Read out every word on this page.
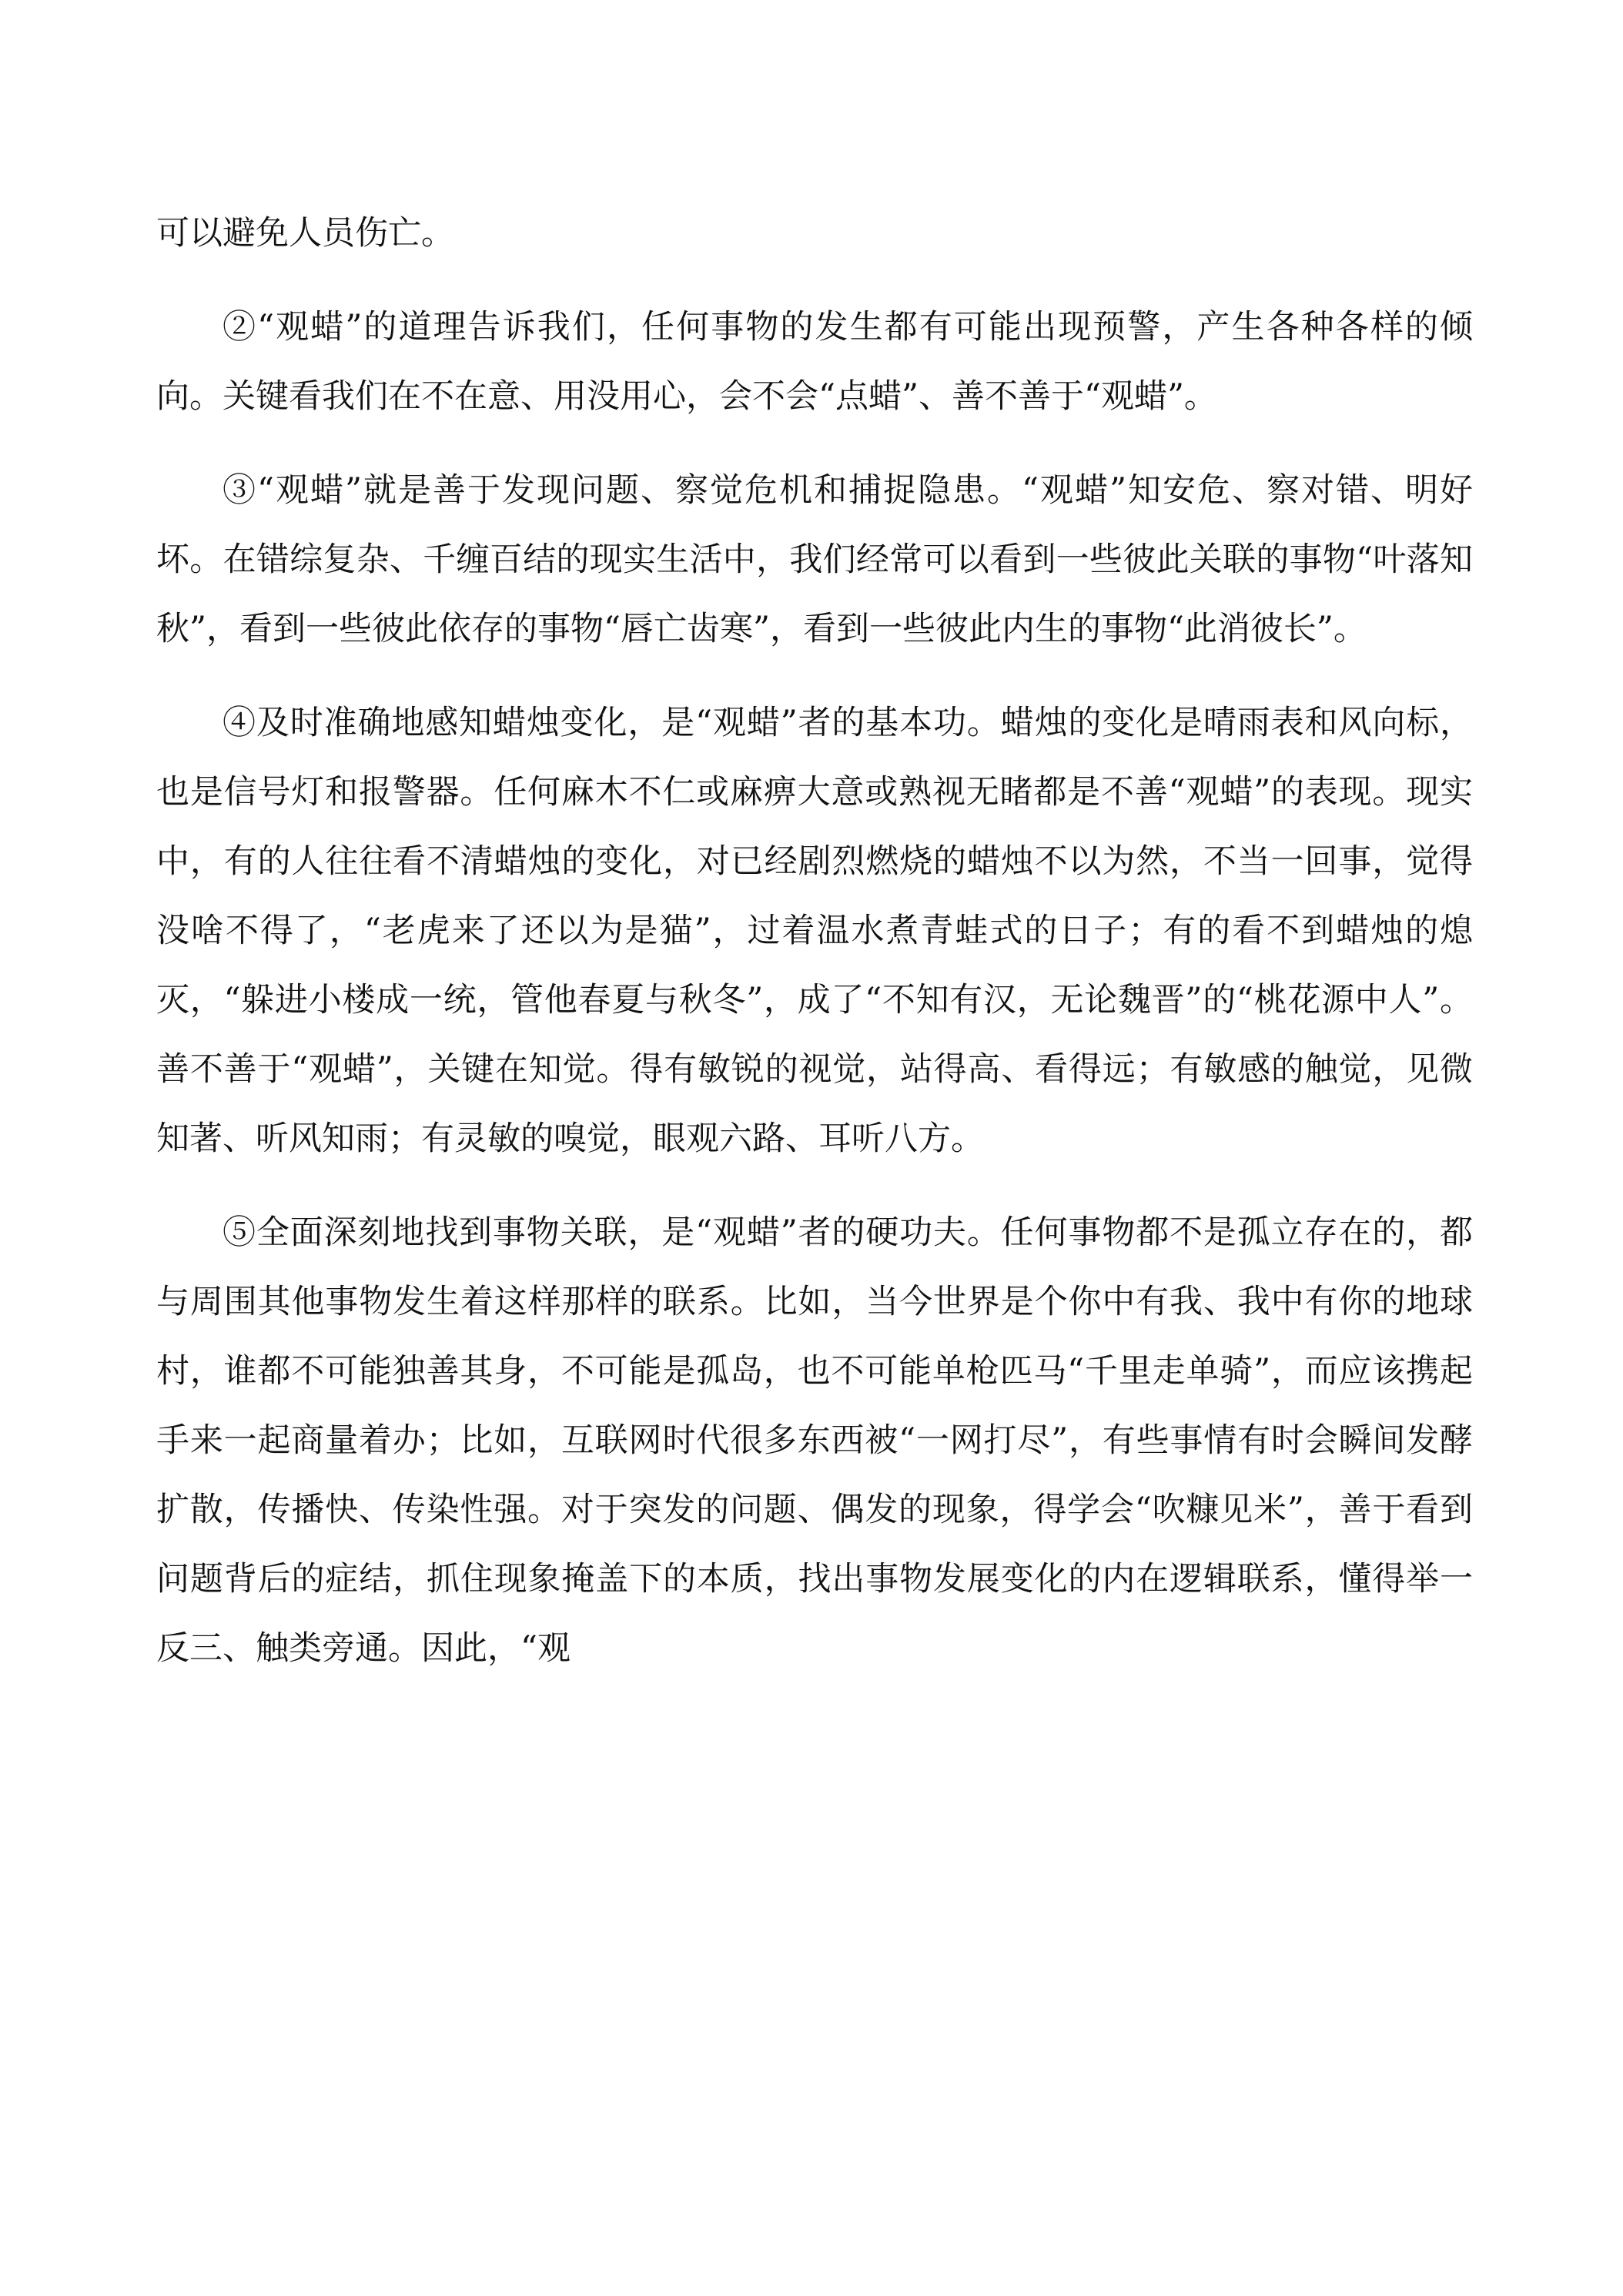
可以避免人员伤亡。

②“观蜡”的道理告诉我们，任何事物的发生都有可能出现预警，产生各种各样的倾向。关键看我们在不在意、用没用心，会不会“点蜡”、善不善于“观蜡”。

③“观蜡”就是善于发现问题、察觉危机和捕捉隐患。“观蜡”知安危、察对错、明好坏。在错综复杂、千缠百结的现实生活中，我们经常可以看到一些彼此关联的事物“叶落知秋”，看到一些彼此依存的事物“唇亡齿寒”，看到一些彼此内生的事物“此消彼长”。

④及时准确地感知蜡烛变化，是“观蜡”者的基本功。蜡烛的变化是晴雨表和风向标，也是信号灯和报警器。任何麻木不仁或麻痹大意或熟视无睹都是不善“观蜡”的表现。现实中，有的人往往看不清蜡烛的变化，对已经剧烈燃烧的蜡烛不以为然，不当一回事，觉得没啥不得了，“老虎来了还以为是猫”，过着温水煮青蛙式的日子；有的看不到蜡烛的熄灭，“躲进小楼成一统，管他春夏与秋冬”，成了“不知有汉，无论魏晋”的“桃花源中人”。善不善于“观蜡”，关键在知觉。得有敏锐的视觉，站得高、看得远；有敏感的触觉，见微知著、听风知雨；有灵敏的嗅觉，眼观六路、耳听八方。

⑤全面深刻地找到事物关联，是“观蜡”者的硬功夫。任何事物都不是孤立存在的，都与周围其他事物发生着这样那样的联系。比如，当今世界是个你中有我、我中有你的地球村，谁都不可能独善其身，不可能是孤岛，也不可能单枪匹马“千里走单骑”，而应该携起手来一起商量着办；比如，互联网时代很多东西被“一网打尽”，有些事情有时会瞬间发酵扩散，传播快、传染性强。对于突发的问题、偶发的现象，得学会“吹糠见米”，善于看到问题背后的症结，抓住现象掩盖下的本质，找出事物发展变化的内在逻辑联系，懂得举一反三、触类旁通。因此，“观
